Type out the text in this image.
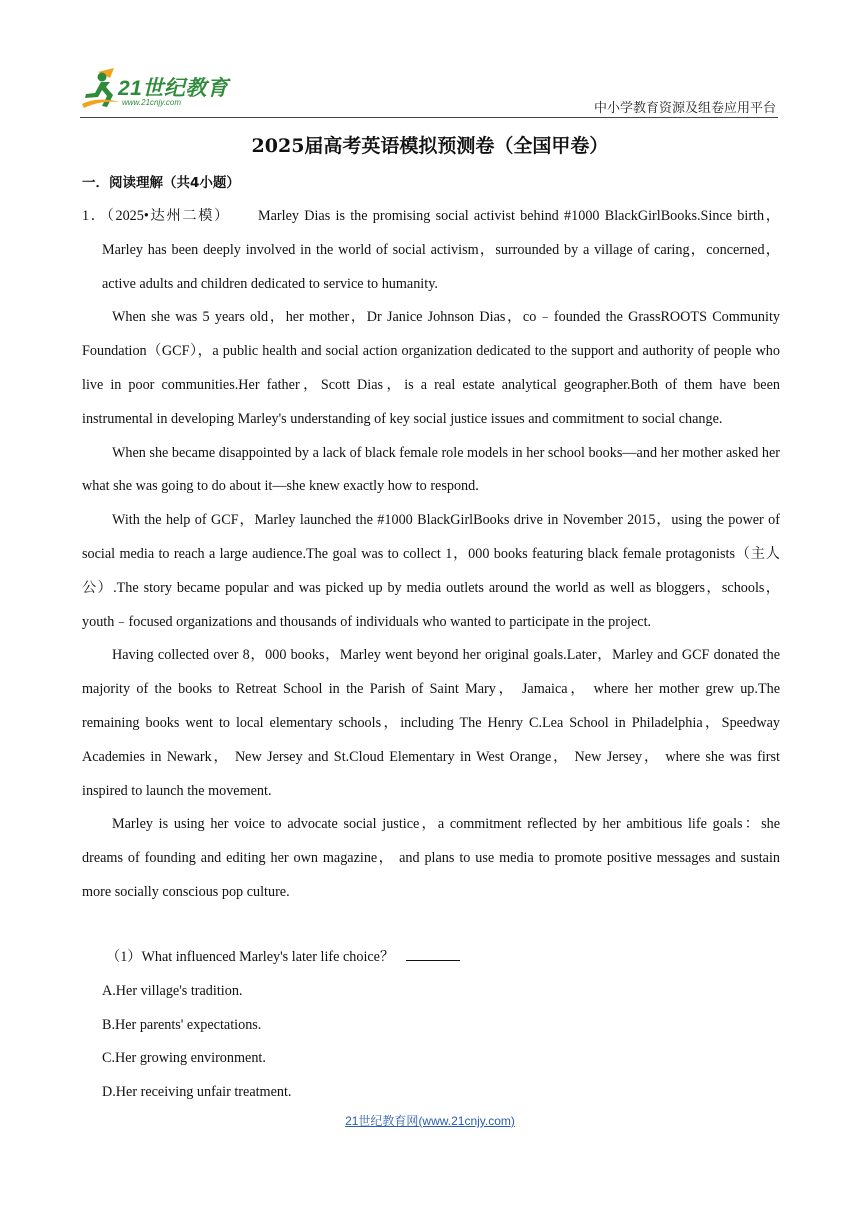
21世纪教育
www.21cnjy.com	中小学教育资源及组卷应用平台
2025届高考英语模拟预测卷（全国甲卷）
一．阅读理解（共4小题）

1．（2025•达州二模） Marley Dias is the promising social activist behind #1000 BlackGirlBooks.Since birth，Marley has been deeply involved in the world of social activism，surrounded by a village of caring，concerned，active adults and children dedicated to service to humanity.

When she was 5 years old，her mother，Dr Janice Johnson Dias，co﹣founded the GrassROOTS Community Foundation（GCF），a public health and social action organization dedicated to the support and authority of people who live in poor communities.Her father，Scott Dias，is a real estate analytical geographer.Both of them have been instrumental in developing Marley's understanding of key social justice issues and commitment to social change.

When she became disappointed by a lack of black female role models in her school books—and her mother asked her what she was going to do about it—she knew exactly how to respond.

With the help of GCF，Marley launched the #1000 BlackGirlBooks drive in November 2015，using the power of social media to reach a large audience.The goal was to collect 1，000 books featuring black female protagonists（主人公）.The story became popular and was picked up by media outlets around the world as well as bloggers，schools， youth﹣focused organizations and thousands of individuals who wanted to participate in the project.

Having collected over 8，000 books，Marley went beyond her original goals.Later，Marley and GCF donated the majority of the books to Retreat School in the Parish of Saint Mary， Jamaica， where her mother grew up.The remaining books went to local elementary schools，including The Henry C.Lea School in Philadelphia，Speedway Academies in Newark， New Jersey and St.Cloud Elementary in West Orange， New Jersey， where she was first inspired to launch the movement.

Marley is using her voice to advocate social justice，a commitment reflected by her ambitious life goals：she dreams of founding and editing her own magazine， and plans to use media to promote positive messages and sustain more socially conscious pop culture.

（1）What influenced Marley's later life choice？
A.Her village's tradition.
B.Her parents' expectations.
C.Her growing environment.
D.Her receiving unfair treatment.
21世纪教育网(www.21cnjy.com)
